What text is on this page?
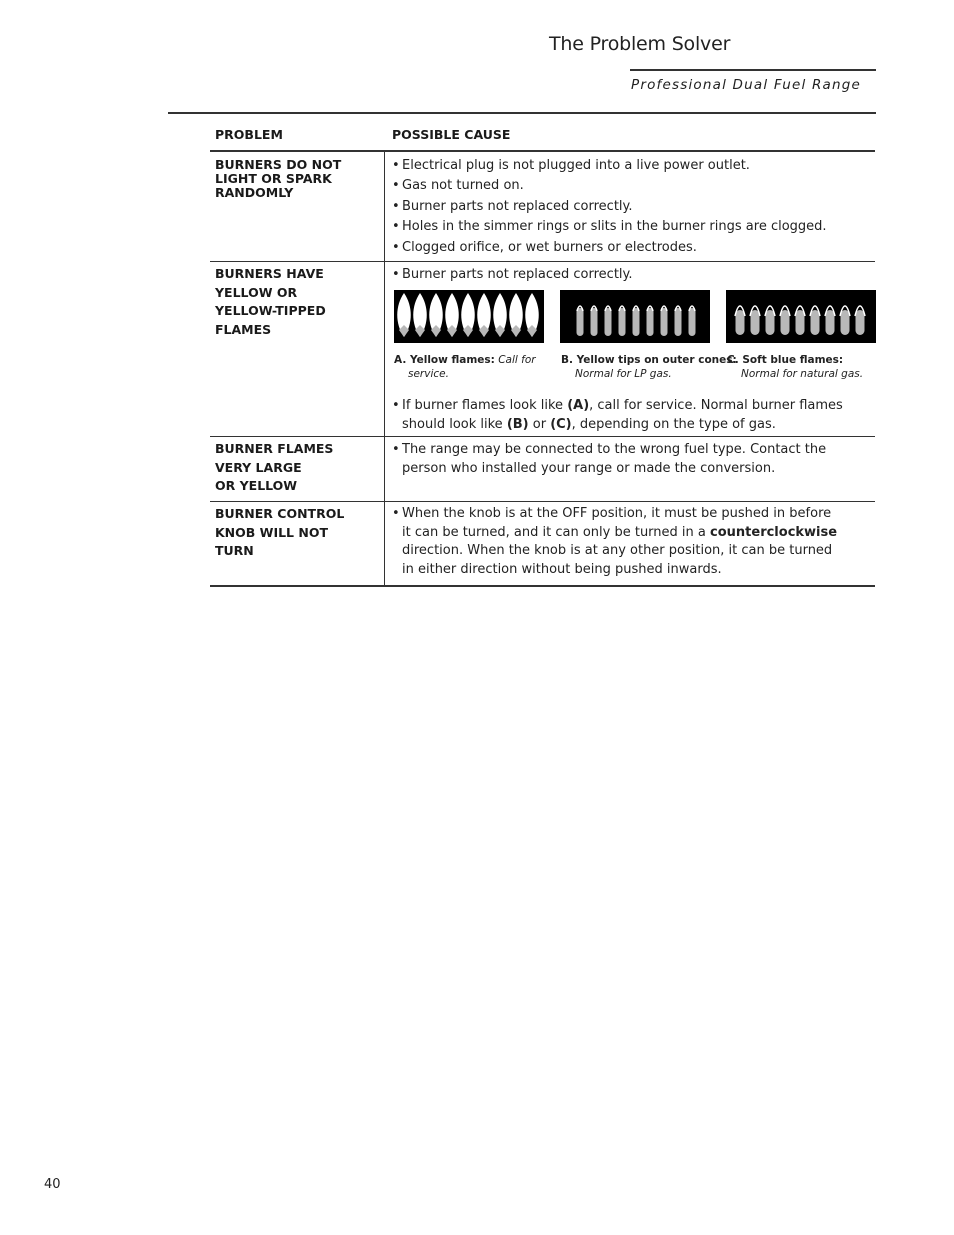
The Problem Solver
Professional Dual Fuel Range
PROBLEM	POSSIBLE CAUSE
BURNERS DO NOT
LIGHT OR SPARK
RANDOMLY
• Electrical plug is not plugged into a live power outlet.
• Gas not turned on.
• Burner parts not replaced correctly.
• Holes in the simmer rings or slits in the burner rings are clogged.
• Clogged orifice, or wet burners or electrodes.
BURNERS HAVE
YELLOW OR
YELLOW-TIPPED
FLAMES
• Burner parts not replaced correctly.
A. Yellow flames: Call for
service.
B. Yellow tips on outer cones:
Normal for LP gas.
C. Soft blue flames:
Normal for natural gas.
• If burner flames look like (A), call for service. Normal burner flames
should look like (B) or (C), depending on the type of gas.
BURNER FLAMES
VERY LARGE
OR YELLOW
• The range may be connected to the wrong fuel type. Contact the
person who installed your range or made the conversion.
BURNER CONTROL
KNOB WILL NOT
TURN
• When the knob is at the OFF position, it must be pushed in before
it can be turned, and it can only be turned in a counterclockwise
direction. When the knob is at any other position, it can be turned
in either direction without being pushed inwards.
40
